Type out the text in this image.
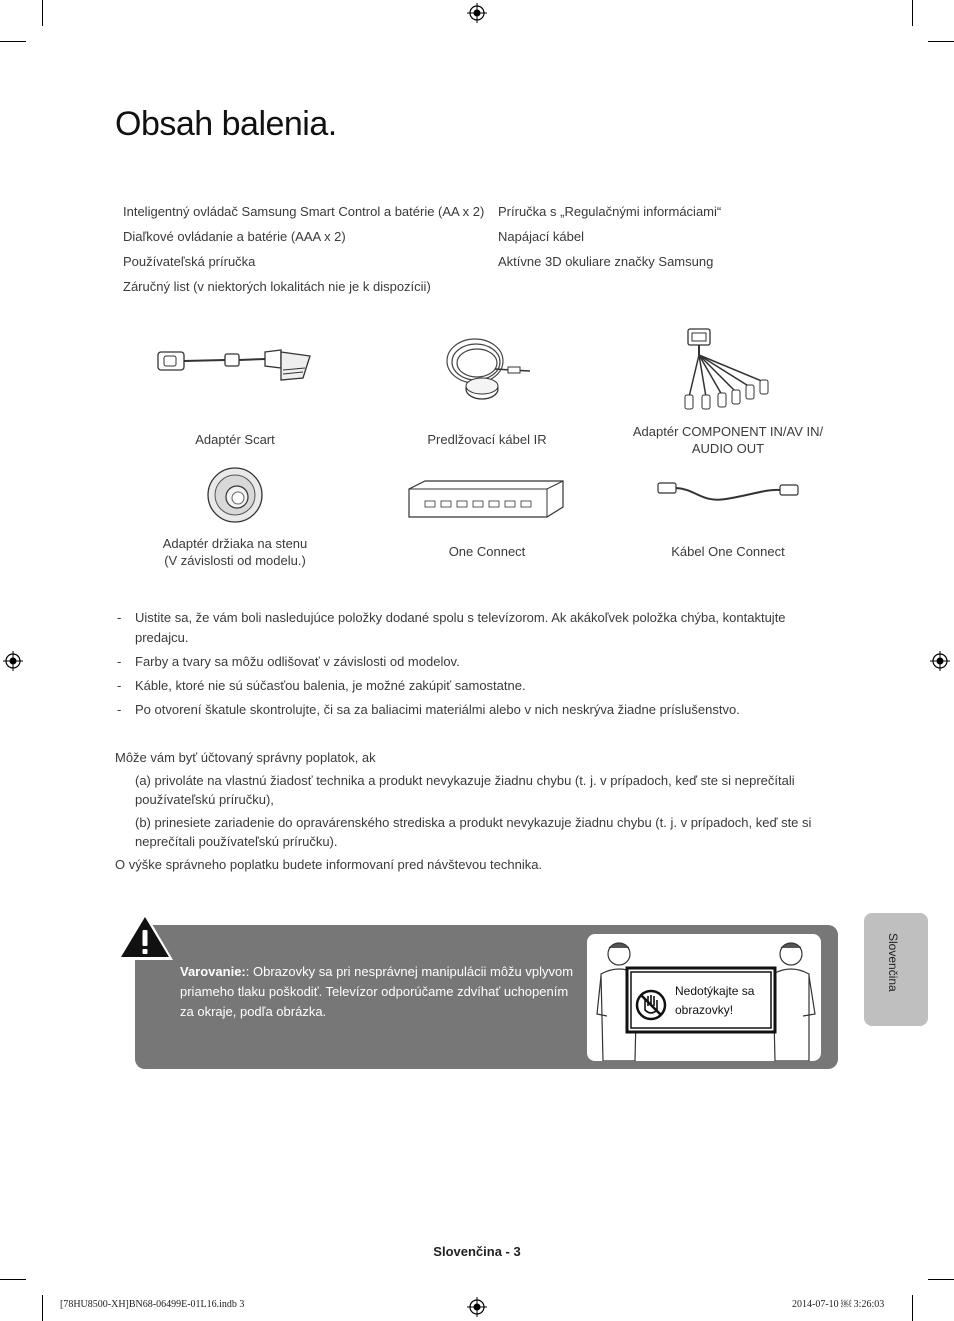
Obsah balenia.
Inteligentný ovládač Samsung Smart Control a batérie (AA x 2)
Diaľkové ovládanie a batérie (AAA x 2)
Používateľská príručka
Záručný list (v niektorých lokalitách nie je k dispozícii)
Príručka s „Regulačnými informáciami“
Napájací kábel
Aktívne 3D okuliare značky Samsung
Adaptér Scart	Predlžovací kábel IR
Adaptér COMPONENT IN/AV IN/
AUDIO OUT
Adaptér držiaka na stenu
(V závislosti od modelu.)
One Connect	Kábel One Connect
- Uistite sa, že vám boli nasledujúce položky dodané spolu s televízorom. Ak akákoľvek položka chýba, kontaktujte predajcu.
- Farby a tvary sa môžu odlišovať v závislosti od modelov.
- Káble, ktoré nie sú súčasťou balenia, je možné zakúpiť samostatne.
- Po otvorení škatule skontrolujte, či sa za baliacimi materiálmi alebo v nich neskrýva žiadne príslušenstvo.
Môže vám byť účtovaný správny poplatok, ak
(a) privoláte na vlastnú žiadosť technika a produkt nevykazuje žiadnu chybu (t. j. v prípadoch, keď ste si neprečítali používateľskú príručku),
(b) prinesiete zariadenie do opravárenského strediska a produkt nevykazuje žiadnu chybu (t. j. v prípadoch, keď ste si neprečítali používateľskú príručku).
O výške správneho poplatku budete informovaní pred návštevou technika.
Varovanie:: Obrazovky sa pri nesprávnej manipulácii môžu vplyvom priameho tlaku poškodiť. Televízor odporúčame zdvíhať uchopením za okraje, podľa obrázka.
Nedotýkajte sa
obrazovky!
Slovenčina
Slovenčina - 3
[78HU8500-XH]BN68-06499E-01L16.indb 3	2014-07-10 ￼ 3:26:03
